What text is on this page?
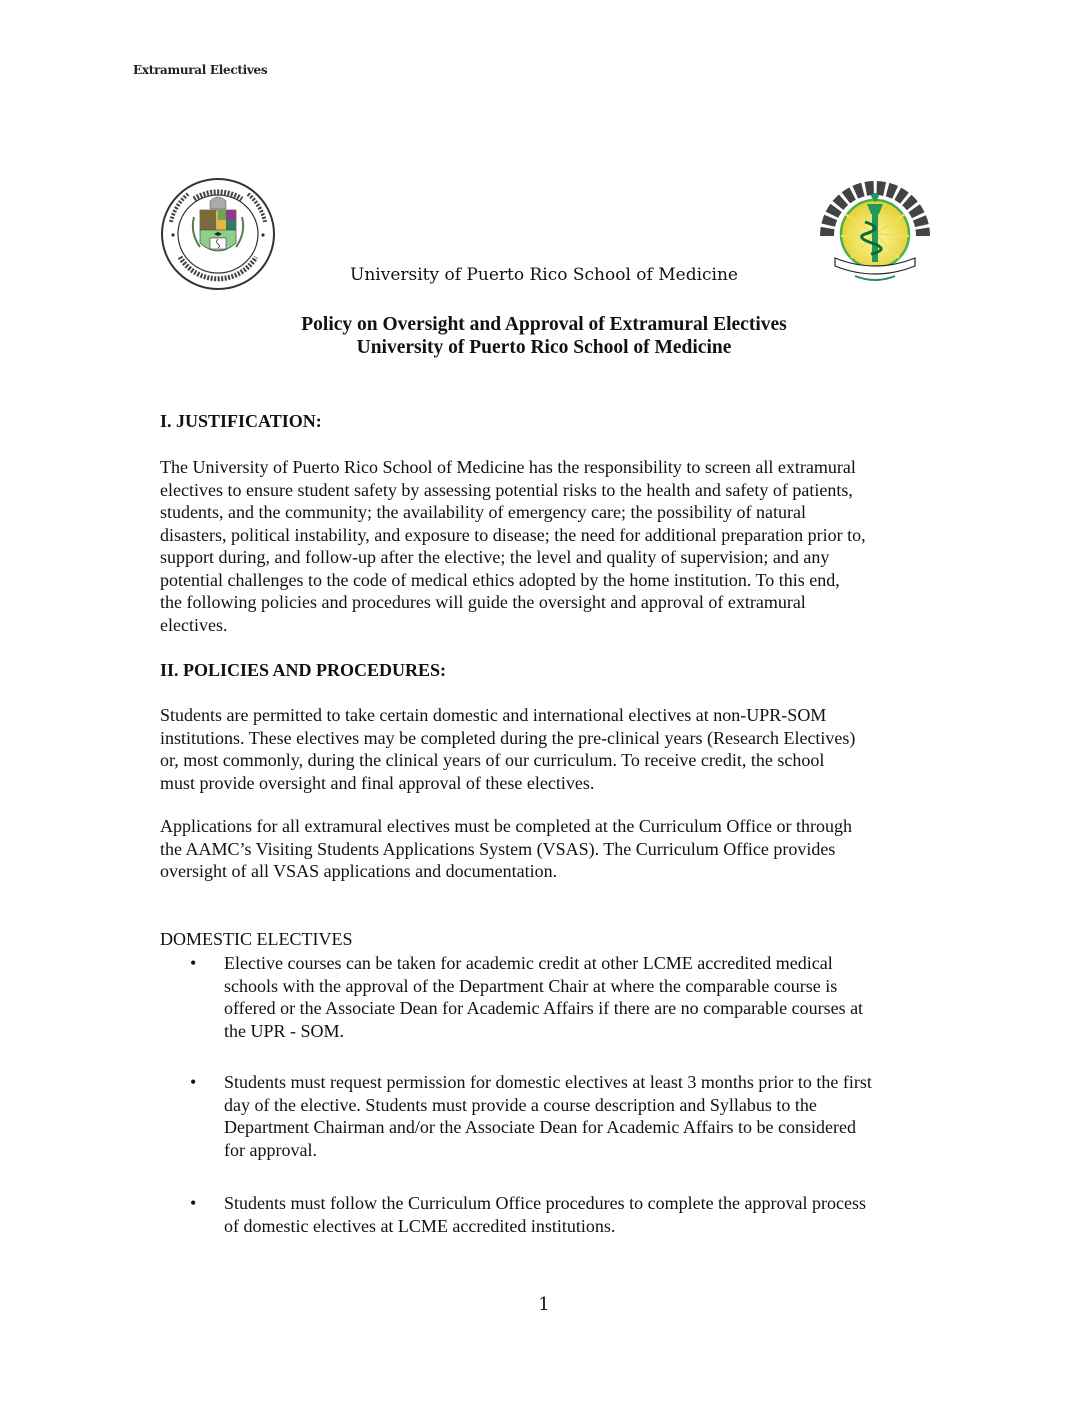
Extramural Electives
University of Puerto Rico School of Medicine
Policy on Oversight and Approval of Extramural Electives
University of Puerto Rico School of Medicine
I. JUSTIFICATION:
The University of Puerto Rico School of Medicine has the responsibility to screen all extramural
electives to ensure student safety by assessing potential risks to the health and safety of patients,
students, and the community; the availability of emergency care; the possibility of natural
disasters, political instability, and exposure to disease; the need for additional preparation prior to,
support during, and follow-up after the elective; the level and quality of supervision; and any
potential challenges to the code of medical ethics adopted by the home institution. To this end,
the following policies and procedures will guide the oversight and approval of extramural
electives.
II. POLICIES AND PROCEDURES:
Students are permitted to take certain domestic and international electives at non-UPR-SOM
institutions. These electives may be completed during the pre-clinical years (Research Electives)
or, most commonly, during the clinical years of our curriculum. To receive credit, the school
must provide oversight and final approval of these electives.
Applications for all extramural electives must be completed at the Curriculum Office or through
the AAMC’s Visiting Students Applications System (VSAS). The Curriculum Office provides
oversight of all VSAS applications and documentation.
DOMESTIC ELECTIVES
•	Elective courses can be taken for academic credit at other LCME accredited medical
schools with the approval of the Department Chair at where the comparable course is
offered or the Associate Dean for Academic Affairs if there are no comparable courses at
the UPR - SOM.
•	Students must request permission for domestic electives at least 3 months prior to the first
day of the elective. Students must provide a course description and Syllabus to the
Department Chairman and/or the Associate Dean for Academic Affairs to be considered
for approval.
•	Students must follow the Curriculum Office procedures to complete the approval process
of domestic electives at LCME accredited institutions.
1
